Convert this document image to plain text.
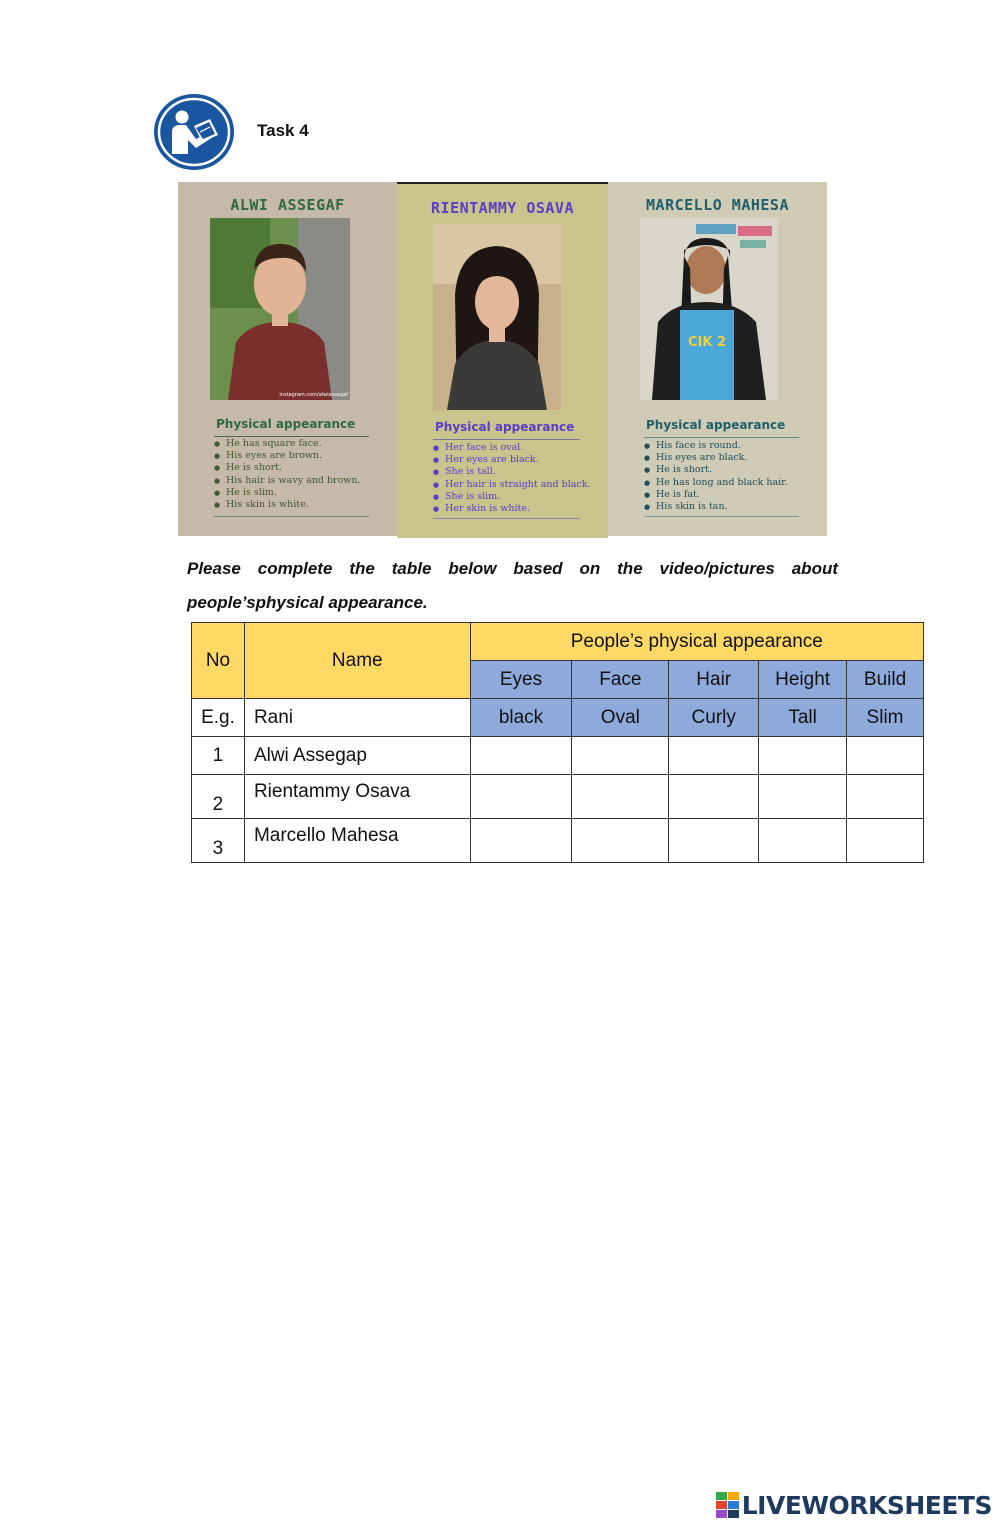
Task 4
ALWI ASSEGAF
instagram.com/alwiassegaf
Physical appearance
● He has square face.
● His eyes are brown.
● He is short.
● His hair is wavy and brown.
● He is slim.
● His skin is white.
RIENTAMMY OSAVA
Physical appearance
● Her face is oval.
● Her eyes are black.
● She is tall.
● Her hair is straight and black.
● She is slim.
● Her skin is white.
MARCELLO MAHESA
CIK 2
Physical appearance
● His face is round.
● His eyes are black.
● He is short.
● He has long and black hair.
● He is fat.
● His skin is tan.
Please complete the table below based on the video/pictures about people’sphysical appearance.
No	Name	People’s physical appearance				
		Eyes	Face	Hair	Height	Build
E.g.	Rani	black	Oval	Curly	Tall	Slim
1	Alwi Assegap					
2	Rientammy Osava					
3	Marcello Mahesa					
LIVEWORKSHEETS
